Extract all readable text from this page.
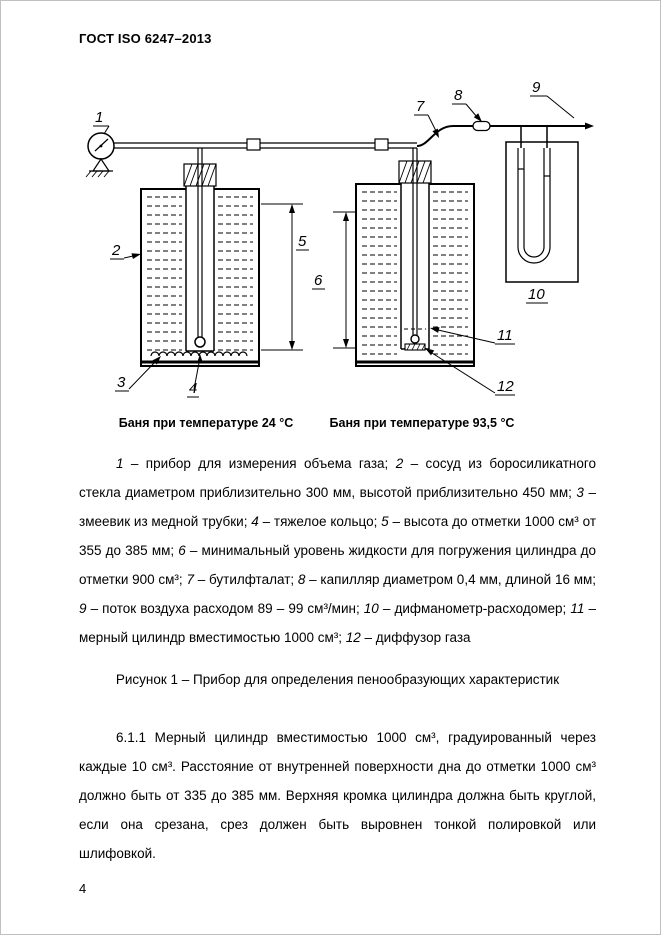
ГОСТ ISO 6247–2013
1
2
3	4
5
6
7
8	9
10
11
12
Баня при температуре 24 °С	Баня при температуре 93,5 °С

1 – прибор для измерения объема газа; 2 – сосуд из боросиликатного стекла диаметром приблизительно 300 мм, высотой приблизительно 450 мм; 3 – змеевик из медной трубки; 4 – тяжелое кольцо; 5 – высота до отметки 1000 см³ от 355 до 385 мм; 6 – минимальный уровень жидкости для погружения цилиндра до отметки 900 см³; 7 – бутилфталат; 8 – капилляр диаметром 0,4 мм, длиной 16 мм; 9 – поток воздуха расходом 89 – 99 см³/мин; 10 – дифманометр-расходомер; 11 – мерный цилиндр вместимостью 1000 см³; 12 – диффузор газа

Рисунок 1 – Прибор для определения пенообразующих характеристик

6.1.1 Мерный цилиндр вместимостью 1000 см³, градуированный через каждые 10 см³. Расстояние от внутренней поверхности дна до отметки 1000 см³ должно быть от 335 до 385 мм. Верхняя кромка цилиндра должна быть круглой, если она срезана, срез должен быть выровнен тонкой полировкой или шлифовкой.

4
